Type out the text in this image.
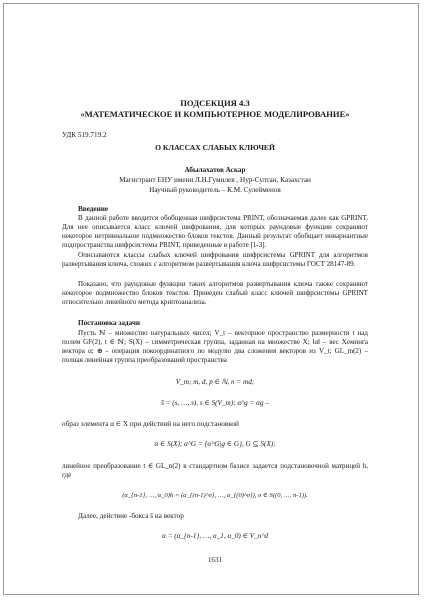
ПОДСЕКЦИЯ 4.3
«МАТЕМАТИЧЕСКОЕ И КОМПЬЮТЕРНОЕ МОДЕЛИРОВАНИЕ»
УДК 519.719.2
О КЛАССАХ СЛАБЫХ КЛЮЧЕЙ
Абылахатов Аскар
Магистрант ЕНУ имени Л.Н.Гумилев , Нур-Султан, Казахстан
Научный руководитель – К.М. Сулейменов
Введение
В данной работе вводится обобщенная шифрсистема PRINT, обозначаемая далее как GPRINT. Для нее описывается класс ключей шифрования, для которых раундовые функции сохраняют некоторое нетривиальное подмножество блоков текстов. Данный результат обобщает инвариантные подпространства шифрсистемы PRINT, приведенные в работе [1-3].
Описываются классы слабых ключей шифрования шифрсистемы GPRINT для алгоритмов развертывания ключа, схожих с алгоритмом развертывания ключа шифрсистемы ГОСТ 28147-89.
Показано, что раундовые функции таких алгоритмов развертывания ключа также сохраняют некоторое подмножество блоков текстов. Приведен слабый класс ключей шифрсистемы GPRINT относительно линейного метода криптоанализа.
Постановка задачи
Пусть ℕ – множество натуральных чисел; V_t – векторное пространство размерности t над полем GF(2), t ∈ ℕ; S(X) – симметрическая группа, заданная на множестве X; ‖α‖ – вес Хеминга вектора α; ⊕ - операция покоординатного по модулю два сложения векторов из V_t; GL_m(2) – полная линейная группа преобразований пространства
V_m; m, d, p ∈ ℕ, n = md;
s̄ = (s, …, s), s ∈ S(V_m); α^g = αg –
образ элемента α ∈ X при действий на него подстановкой
α ∈ S(X); α^G = {α^G|g ∈ G}, G ⊆ S(X);
линейное преобразование t ∈ GL_n(2) в стандартном базисе задается подстановочной матрицей h, где
(α_{n-1}, …, α_0)h = (α_{(n-1)^σ}, …, α_{(0)^σ}), σ ∈ S((0, …, n-1)).
Далее, действие -бокса s̄ на вектор
α = (α_{n-1}, …, α_1, α_0) ∈ V_n^d
1631
